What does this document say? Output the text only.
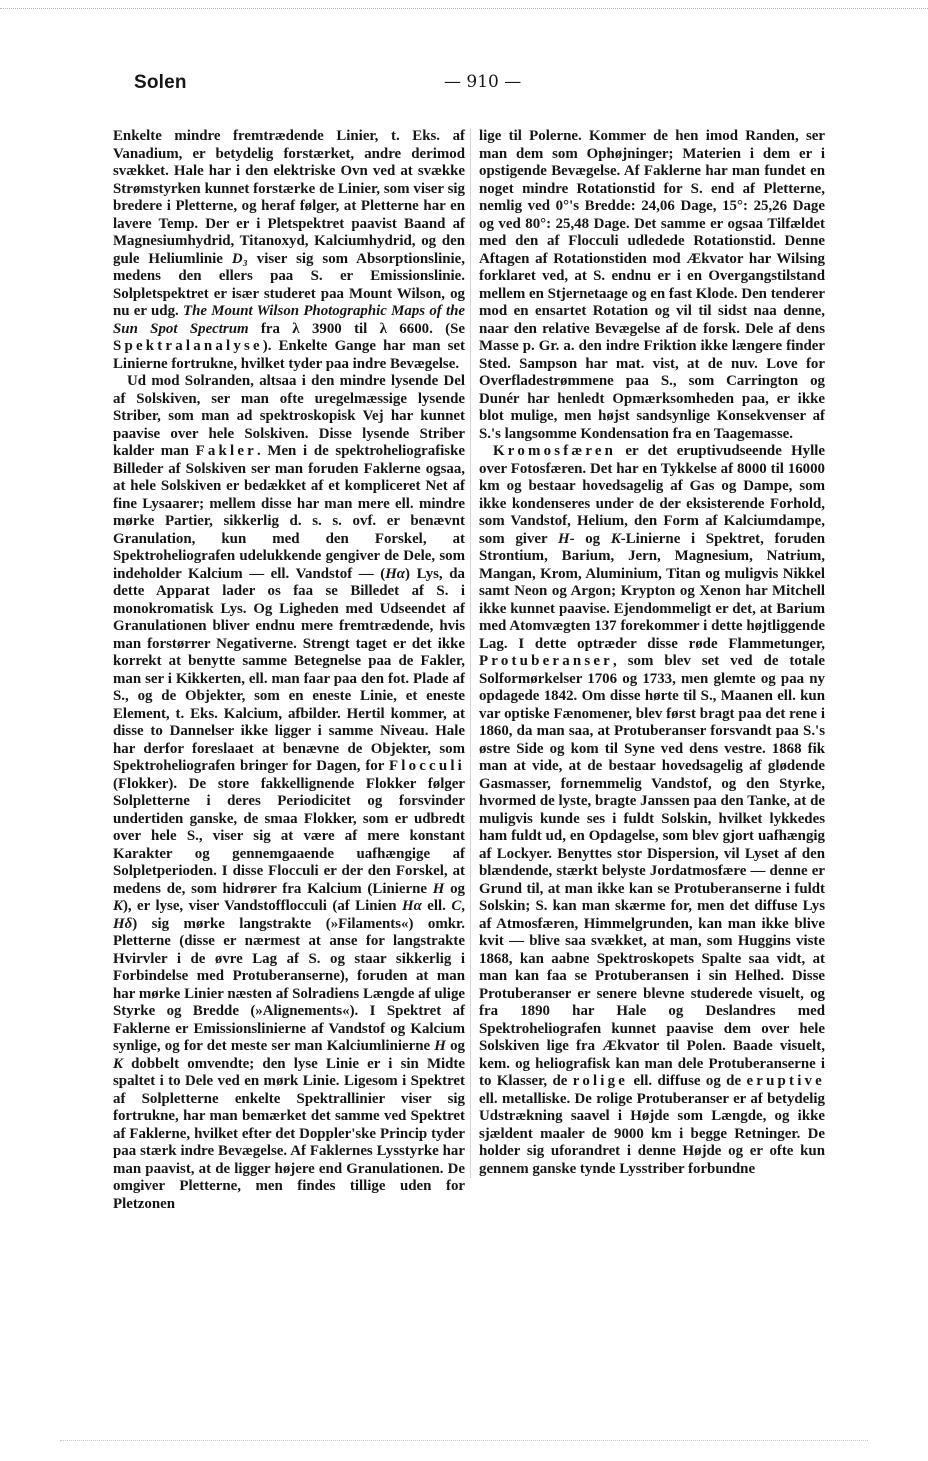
Solen	— 910 —

Enkelte mindre fremtrædende Linier, t. Eks. af Vanadium, er betydelig forstærket, andre derimod svækket. Hale har i den elektriske Ovn ved at svække Strømstyrken kunnet forstærke de Linier, som viser sig bredere i Pletterne, og heraf følger, at Pletterne har en lavere Temp. Der er i Pletspektret paavist Baand af Magnesiumhydrid, Titanoxyd, Kalciumhydrid, og den gule Heliumlinie D₃ viser sig som Absorptionslinie, medens den ellers paa S. er Emissionslinie. Solpletspektret er især studeret paa Mount Wilson, og nu er udg. The Mount Wilson Photographic Maps of the Sun Spot Spectrum fra λ 3900 til λ 6600. (Se Spektralanalyse). Enkelte Gange har man set Linierne fortrukne, hvilket tyder paa indre Bevægelse.

Ud mod Solranden, altsaa i den mindre lysende Del af Solskiven, ser man ofte uregelmæssige lysende Striber, som man ad spektroskopisk Vej har kunnet paavise over hele Solskiven. Disse lysende Striber kalder man Fakler. Men i de spektroheliografiske Billeder af Solskiven ser man foruden Faklerne ogsaa, at hele Solskiven er bedækket af et kompliceret Net af fine Lysaarer; mellem disse har man mere ell. mindre mørke Partier, sikkerlig d. s. s. ovf. er benævnt Granulation, kun med den Forskel, at Spektroheliografen udelukkende gengiver de Dele, som indeholder Kalcium — ell. Vandstof — (Hα) Lys, da dette Apparat lader os faa se Billedet af S. i monokromatisk Lys. Og Ligheden med Udseendet af Granulationen bliver endnu mere fremtrædende, hvis man forstørrer Negativerne. Strengt taget er det ikke korrekt at benytte samme Betegnelse paa de Fakler, man ser i Kikkerten, ell. man faar paa den fot. Plade af S., og de Objekter, som en eneste Linie, et eneste Element, t. Eks. Kalcium, afbilder. Hertil kommer, at disse to Dannelser ikke ligger i samme Niveau. Hale har derfor foreslaaet at benævne de Objekter, som Spektroheliografen bringer for Dagen, for Flocculi (Flokker). De store fakkellignende Flokker følger Solpletterne i deres Periodicitet og forsvinder undertiden ganske, de smaa Flokker, som er udbredt over hele S., viser sig at være af mere konstant Karakter og gennemgaaende uafhængige af Solpletperioden. I disse Flocculi er der den Forskel, at medens de, som hidrører fra Kalcium (Linierne H og K), er lyse, viser Vandstofflocculi (af Linien Hα ell. C, Hδ) sig mørke langstrakte (»Filaments«) omkr. Pletterne (disse er nærmest at anse for langstrakte Hvirvler i de øvre Lag af S. og staar sikkerlig i Forbindelse med Protuberanserne), foruden at man har mørke Linier næsten af Solradiens Længde af ulige Styrke og Bredde (»Alignements«). I Spektret af Faklerne er Emissionslinierne af Vandstof og Kalcium synlige, og for det meste ser man Kalciumlinierne H og K dobbelt omvendte; den lyse Linie er i sin Midte spaltet i to Dele ved en mørk Linie. Ligesom i Spektret af Solpletterne enkelte Spektrallinier viser sig fortrukne, har man bemærket det samme ved Spektret af Faklerne, hvilket efter det Doppler'ske Princip tyder paa stærk indre Bevægelse. Af Faklernes Lysstyrke har man paavist, at de ligger højere end Granulationen. De omgiver Pletterne, men findes tillige uden for Pletzonen

lige til Polerne. Kommer de hen imod Randen, ser man dem som Ophøjninger; Materien i dem er i opstigende Bevægelse. Af Faklerne har man fundet en noget mindre Rotationstid for S. end af Pletterne, nemlig ved 0°'s Bredde: 24,06 Dage, 15°: 25,26 Dage og ved 80°: 25,48 Dage. Det samme er ogsaa Tilfældet med den af Flocculi udledede Rotationstid. Denne Aftagen af Rotationstiden mod Ækvator har Wilsing forklaret ved, at S. endnu er i en Overgangstilstand mellem en Stjernetaage og en fast Klode. Den tenderer mod en ensartet Rotation og vil til sidst naa denne, naar den relative Bevægelse af de forsk. Dele af dens Masse p. Gr. a. den indre Friktion ikke længere finder Sted. Sampson har mat. vist, at de nuv. Love for Overfladestrømmene paa S., som Carrington og Dunér har henledt Opmærksomheden paa, er ikke blot mulige, men højst sandsynlige Konsekvenser af S.'s langsomme Kondensation fra en Taagemasse.

Kromosfæren er det eruptivudseende Hylle over Fotosfæren. Det har en Tykkelse af 8000 til 16000 km og bestaar hovedsagelig af Gas og Dampe, som ikke kondenseres under de der eksisterende Forhold, som Vandstof, Helium, den Form af Kalciumdampe, som giver H- og K-Linierne i Spektret, foruden Strontium, Barium, Jern, Magnesium, Natrium, Mangan, Krom, Aluminium, Titan og muligvis Nikkel samt Neon og Argon; Krypton og Xenon har Mitchell ikke kunnet paavise. Ejendommeligt er det, at Barium med Atomvægten 137 forekommer i dette højtliggende Lag. I dette optræder disse røde Flammetunger, Protuberanser, som blev set ved de totale Solformørkelser 1706 og 1733, men glemte og paa ny opdagede 1842. Om disse hørte til S., Maanen ell. kun var optiske Fænomener, blev først bragt paa det rene i 1860, da man saa, at Protuberanser forsvandt paa S.'s østre Side og kom til Syne ved dens vestre. 1868 fik man at vide, at de bestaar hovedsagelig af glødende Gasmasser, fornemmelig Vandstof, og den Styrke, hvormed de lyste, bragte Janssen paa den Tanke, at de muligvis kunde ses i fuldt Solskin, hvilket lykkedes ham fuldt ud, en Opdagelse, som blev gjort uafhængig af Lockyer. Benyttes stor Dispersion, vil Lyset af den blændende, stærkt belyste Jordatmosfære — denne er Grund til, at man ikke kan se Protuberanserne i fuldt Solskin; S. kan man skærme for, men det diffuse Lys af Atmosfæren, Himmelgrunden, kan man ikke blive kvit — blive saa svækket, at man, som Huggins viste 1868, kan aabne Spektroskopets Spalte saa vidt, at man kan faa se Protuberansen i sin Helhed. Disse Protuberanser er senere blevne studerede visuelt, og fra 1890 har Hale og Deslandres med Spektroheliografen kunnet paavise dem over hele Solskiven lige fra Ækvator til Polen. Baade visuelt, kem. og heliografisk kan man dele Protuberanserne i to Klasser, de rolige ell. diffuse og de eruptive ell. metalliske. De rolige Protuberanser er af betydelig Udstrækning saavel i Højde som Længde, og ikke sjældent maaler de 9000 km i begge Retninger. De holder sig uforandret i denne Højde og er ofte kun gennem ganske tynde Lysstriber forbundne
